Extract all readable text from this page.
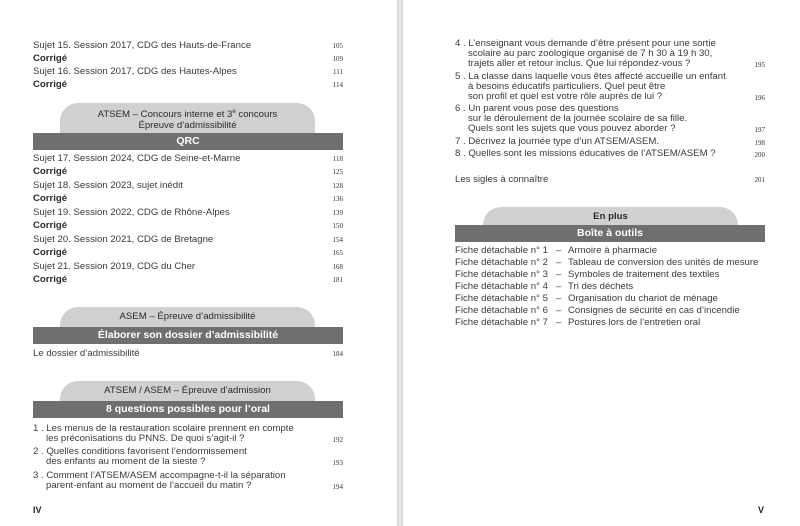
Sujet 15. Session 2017, CDG des Hauts-de-France	105
Corrigé	109
Sujet 16. Session 2017, CDG des Hautes-Alpes	111
Corrigé	114
ATSEM – Concours interne et 3e concours
Épreuve d’admissibilité
QRC
Sujet 17. Session 2024, CDG de Seine-et-Marne	118
Corrigé	125
Sujet 18. Session 2023, sujet inédit	128
Corrigé	136
Sujet 19. Session 2022, CDG de Rhône-Alpes	139
Corrigé	150
Sujet 20. Session 2021, CDG de Bretagne	154
Corrigé	165
Sujet 21. Session 2019, CDG du Cher	168
Corrigé	181
ASEM – Épreuve d’admissibilité
Élaborer son dossier d’admissibilité
Le dossier d’admissibilité	184
ATSEM / ASEM – Épreuve d’admission
8 questions possibles pour l’oral
1 . Les menus de la restauration scolaire prennent en compte
les préconisations du PNNS. De quoi s’agit-il ?	192
2 . Quelles conditions favorisent l’endormissement
des enfants au moment de la sieste ?	193
3 . Comment l’ATSEM/ASEM accompagne-t-il la séparation
parent-enfant au moment de l’accueil du matin ?	194
IV
4 . L’enseignant vous demande d’être présent pour une sortie
scolaire au parc zoologique organisé de 7 h 30 à 19 h 30,
trajets aller et retour inclus. Que lui répondez-vous ?	195
5 . La classe dans laquelle vous êtes affecté accueille un enfant
à besoins éducatifs particuliers. Quel peut être
son profil et quel est votre rôle auprès de lui ?	196
6 . Un parent vous pose des questions
sur le déroulement de la journée scolaire de sa fille.
Quels sont les sujets que vous pouvez aborder ?	197
7 . Décrivez la journée type d’un ATSEM/ASEM.	198
8 . Quelles sont les missions éducatives de l’ATSEM/ASEM ?	200
Les sigles à connaître	201
En plus
Boîte à outils
Fiche détachable n° 1 – Armoire à pharmacie
Fiche détachable n° 2 – Tableau de conversion des unités de mesure
Fiche détachable n° 3 – Symboles de traitement des textiles
Fiche détachable n° 4 – Tri des déchets
Fiche détachable n° 5 – Organisation du chariot de ménage
Fiche détachable n° 6 – Consignes de sécurité en cas d’incendie
Fiche détachable n° 7 – Postures lors de l’entretien oral
V
